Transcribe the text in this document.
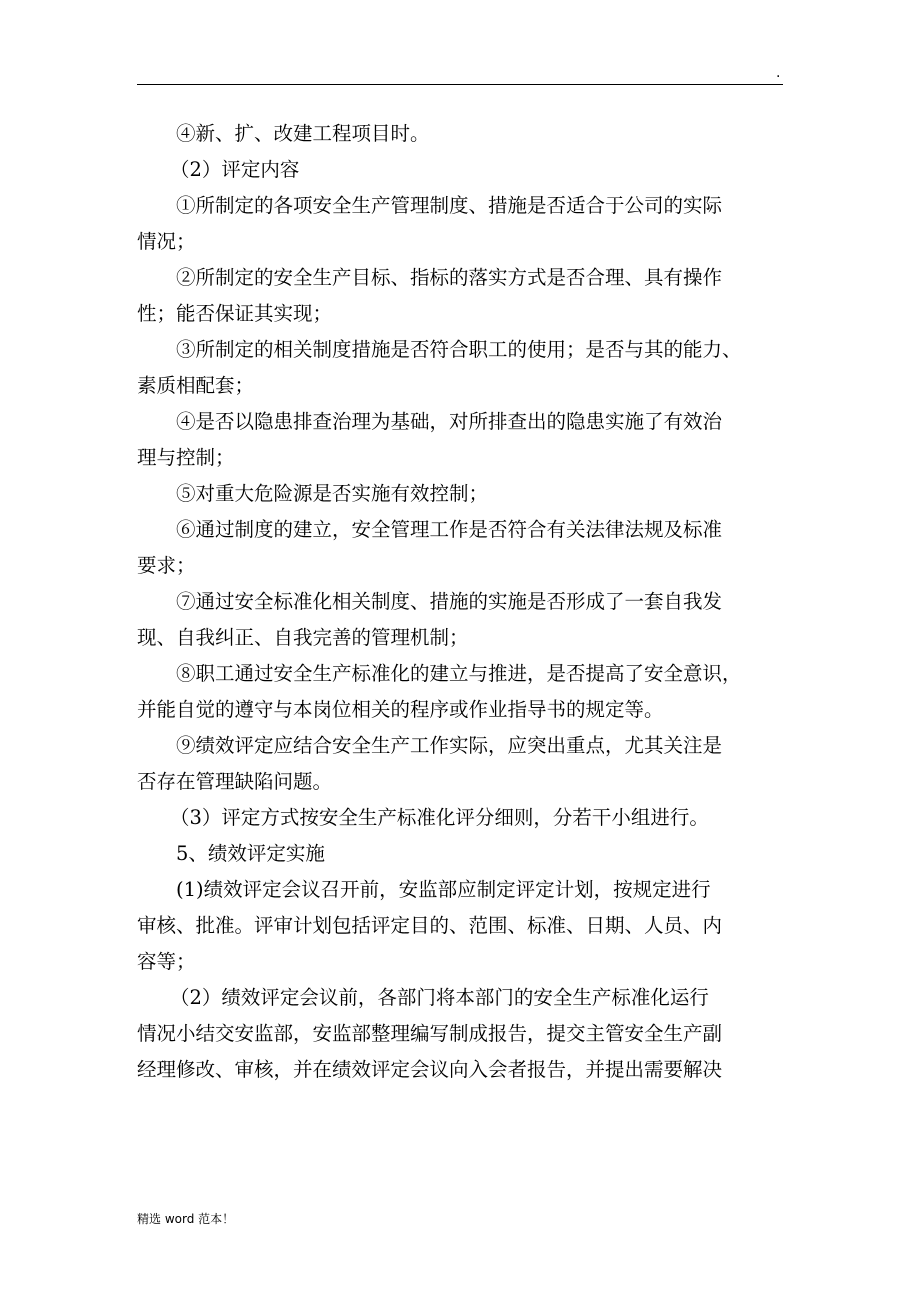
.
④新、扩、改建工程项目时。
（2）评定内容
①所制定的各项安全生产管理制度、措施是否适合于公司的实际
情况；
②所制定的安全生产目标、指标的落实方式是否合理、具有操作
性；能否保证其实现；
③所制定的相关制度措施是否符合职工的使用；是否与其的能力、
素质相配套；
④是否以隐患排查治理为基础，对所排查出的隐患实施了有效治
理与控制；
⑤对重大危险源是否实施有效控制；
⑥通过制度的建立，安全管理工作是否符合有关法律法规及标准
要求；
⑦通过安全标准化相关制度、措施的实施是否形成了一套自我发
现、自我纠正、自我完善的管理机制；
⑧职工通过安全生产标准化的建立与推进，是否提高了安全意识，
并能自觉的遵守与本岗位相关的程序或作业指导书的规定等。
⑨绩效评定应结合安全生产工作实际，应突出重点，尤其关注是
否存在管理缺陷问题。
（3）评定方式按安全生产标准化评分细则，分若干小组进行。
5、绩效评定实施
(1)绩效评定会议召开前，安监部应制定评定计划，按规定进行
审核、批准。评审计划包括评定目的、范围、标准、日期、人员、内
容等；
（2）绩效评定会议前，各部门将本部门的安全生产标准化运行
情况小结交安监部，安监部整理编写制成报告，提交主管安全生产副
经理修改、审核，并在绩效评定会议向入会者报告，并提出需要解决
精选 word 范本！
